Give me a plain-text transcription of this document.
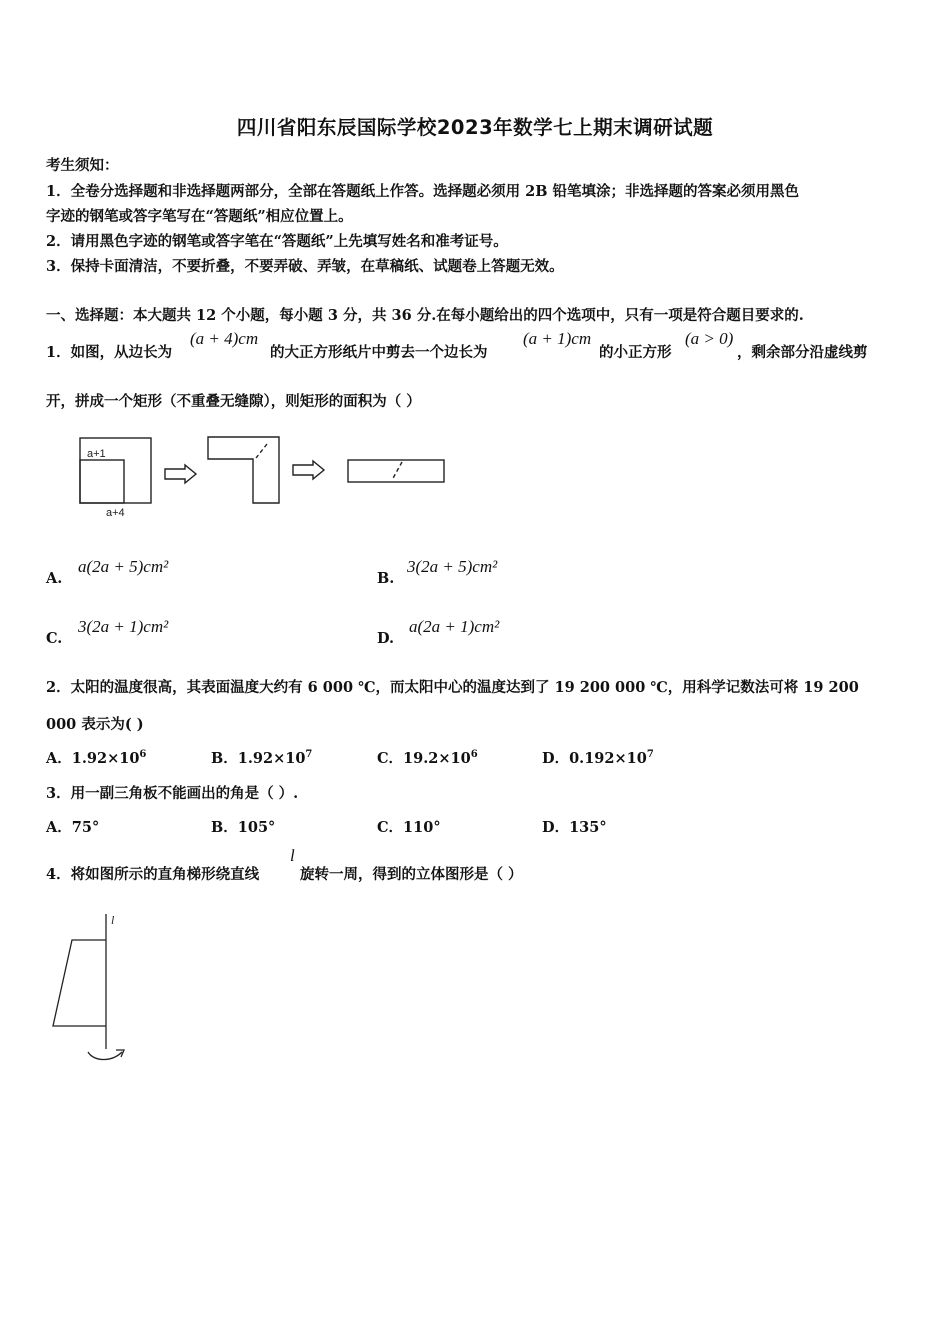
四川省阳东辰国际学校2023年数学七上期末调研试题
考生须知：
1．全卷分选择题和非选择题两部分，全部在答题纸上作答。选择题必须用 2B 铅笔填涂；非选择题的答案必须用黑色
字迹的钢笔或答字笔写在“答题纸”相应位置上。
2．请用黑色字迹的钢笔或答字笔在“答题纸”上先填写姓名和准考证号。
3．保持卡面清洁，不要折叠，不要弄破、弄皱，在草稿纸、试题卷上答题无效。
一、选择题：本大题共 12 个小题，每小题 3 分，共 36 分.在每小题给出的四个选项中，只有一项是符合题目要求的.
1．如图，从边长为
(a + 4)cm
的大正方形纸片中剪去一个边长为
(a + 1)cm
的小正方形
(a > 0)
，剩余部分沿虚线剪
开，拼成一个矩形（不重叠无缝隙），则矩形的面积为（ ）
a+1
a+4
l
A.
a(2a + 5)cm²
B.
3(2a + 5)cm²
C.
3(2a + 1)cm²
D.
a(2a + 1)cm²
2．太阳的温度很高，其表面温度大约有 6 000 ℃，而太阳中心的温度达到了 19 200 000 ℃，用科学记数法可将 19 200
000 表示为( )
A．$1.92\times 10^6$	B．$1.92\times 10^7$	C．$19.2\times 10^6$	D．$0.192\times 10^7$
3．用一副三角板不能画出的角是（ ）.
A．75°	B．105°	C．110°	D．135°
4．将如图所示的直角梯形绕直线
l
旋转一周，得到的立体图形是（ ）
